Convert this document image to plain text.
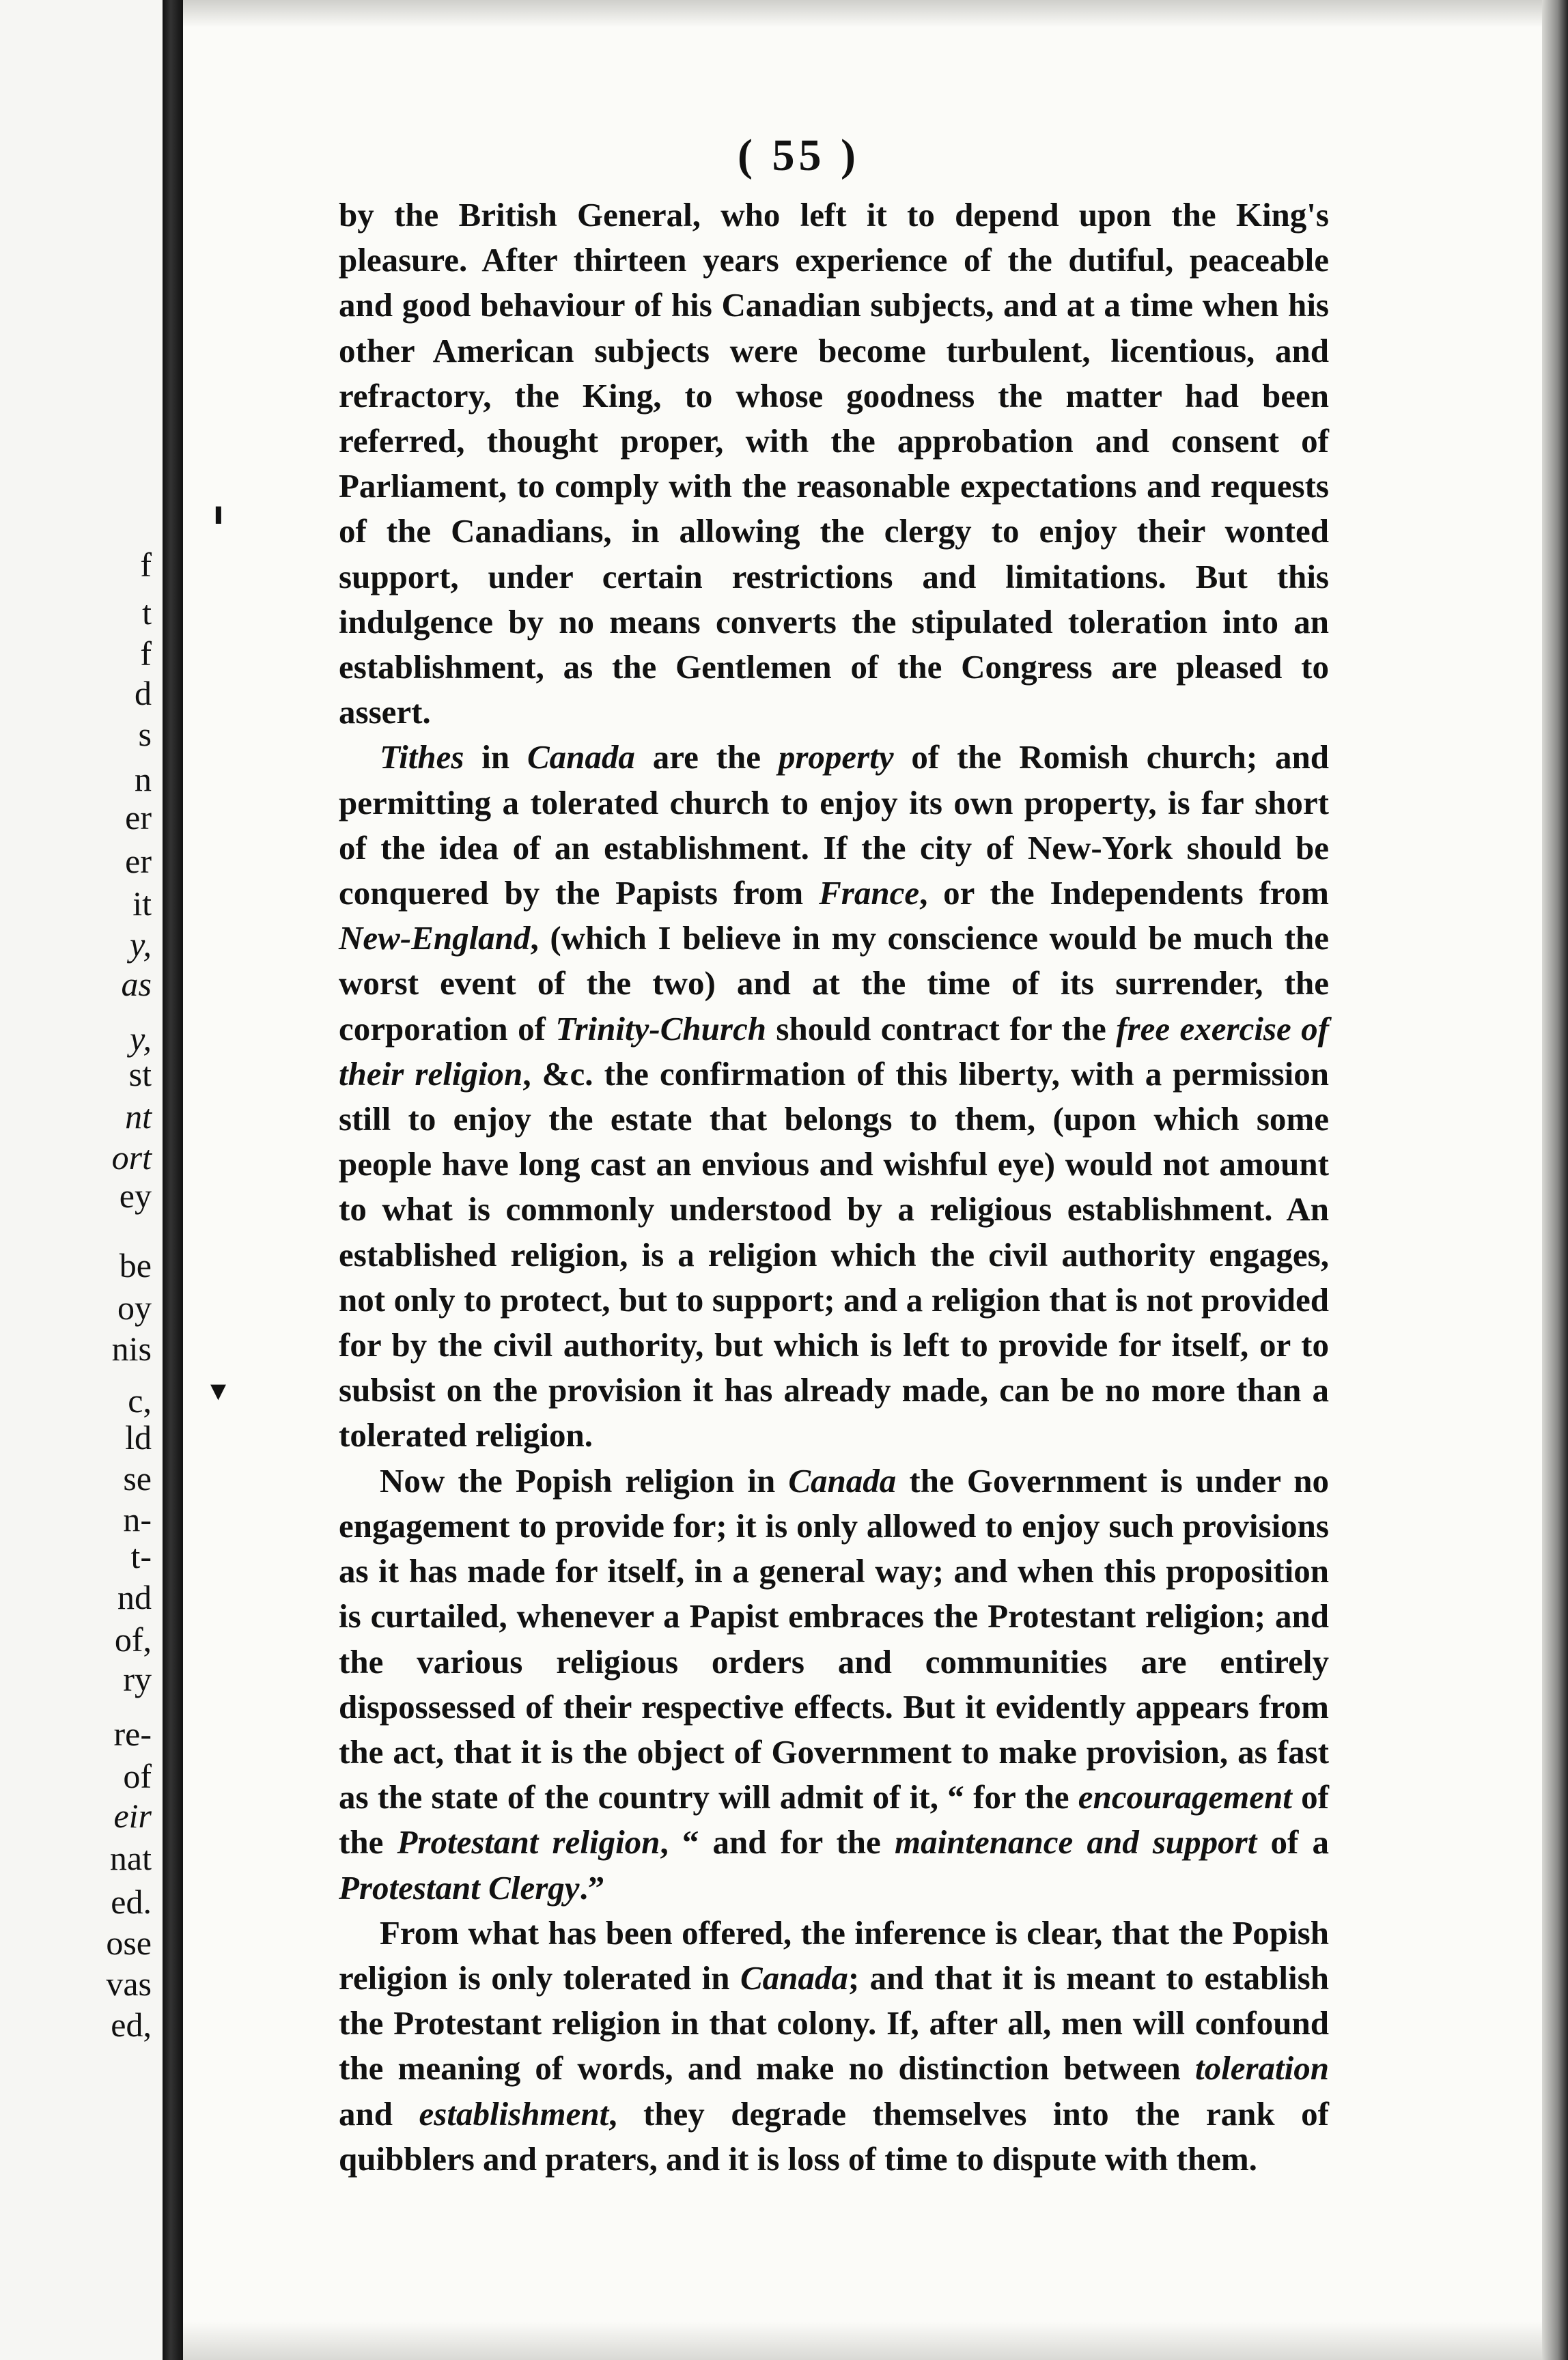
f
t
f
d
s
n
er
er
it
y,
as
y,
st
nt
ort
ey
be
oy
nis
c,
ld
se
n-
t-
nd
of,
ry
re-
of
eir
nat
ed.
ose
vas
ed,
( 55 )
ı
▾

by the British General, who left it to depend upon the King's pleasure. After thirteen years experience of the dutiful, peaceable and good behaviour of his Canadian subjects, and at a time when his other American subjects were become turbulent, licentious, and refractory, the King, to whose goodness the matter had been referred, thought proper, with the approbation and consent of Parliament, to comply with the reasonable expectations and requests of the Canadians, in allowing the clergy to enjoy their wonted support, under certain restrictions and limitations. But this indulgence by no means converts the stipulated toleration into an establishment, as the Gentlemen of the Congress are pleased to assert.

Tithes in Canada are the property of the Romish church; and permitting a tolerated church to enjoy its own property, is far short of the idea of an establishment. If the city of New-York should be conquered by the Papists from France, or the Independents from New-England, (which I believe in my conscience would be much the worst event of the two) and at the time of its surrender, the corporation of Trinity-Church should contract for the free exercise of their religion, &c. the confirmation of this liberty, with a permission still to enjoy the estate that belongs to them, (upon which some people have long cast an envious and wishful eye) would not amount to what is commonly understood by a religious establishment. An established religion, is a religion which the civil authority engages, not only to protect, but to support; and a religion that is not provided for by the civil authority, but which is left to provide for itself, or to subsist on the provision it has already made, can be no more than a tolerated religion.

Now the Popish religion in Canada the Government is under no engagement to provide for; it is only allowed to enjoy such provisions as it has made for itself, in a general way; and when this proposition is curtailed, whenever a Papist embraces the Protestant religion; and the various religious orders and communities are entirely dispossessed of their respective effects. But it evidently appears from the act, that it is the object of Government to make provision, as fast as the state of the country will admit of it, “ for the encouragement of the Protestant religion, “ and for the maintenance and support of a Protestant Clergy.”

From what has been offered, the inference is clear, that the Popish religion is only tolerated in Canada; and that it is meant to establish the Protestant religion in that colony. If, after all, men will confound the meaning of words, and make no distinction between toleration and establishment, they degrade themselves into the rank of quibblers and praters, and it is loss of time to dispute with them.
